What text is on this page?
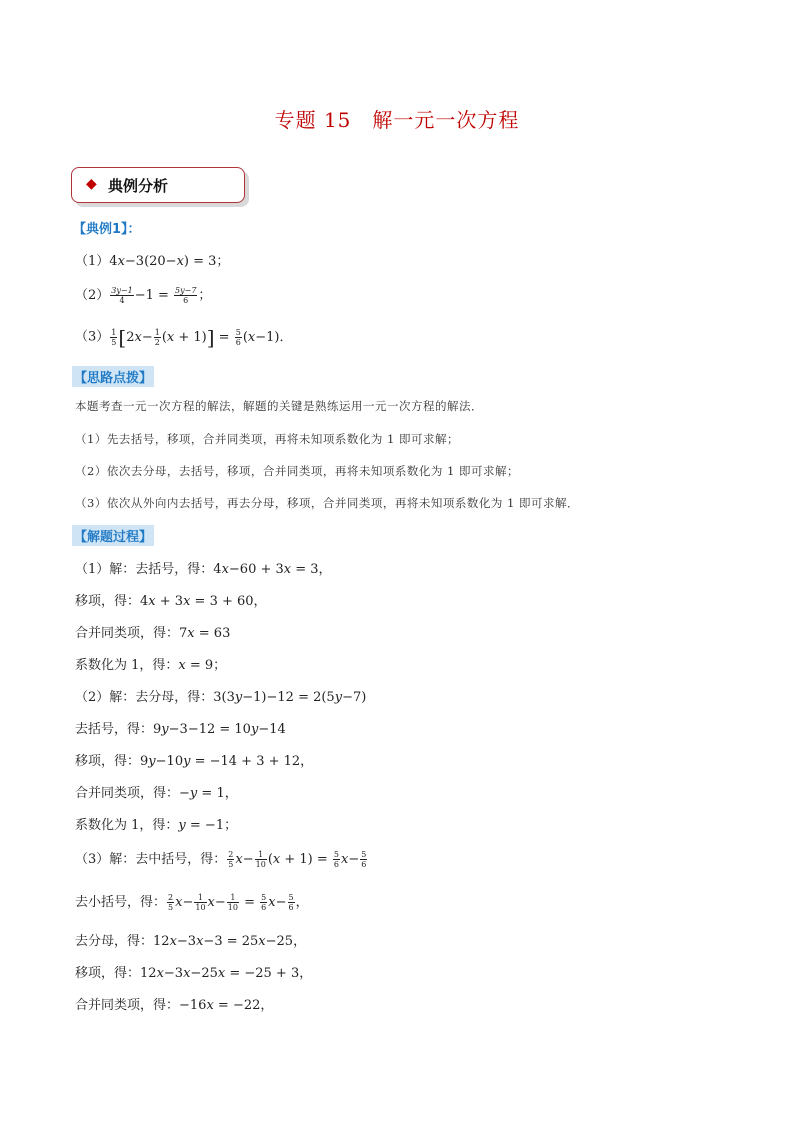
专题 15　解一元一次方程
◆ 典例分析
【典例1】：
（1）4x−3(20−x) = 3；
$(2) \frac{3y-1}{4} -1 = \frac{5y-7}{6}$ ；
$(3) \frac{1}{5} [2x- \frac{1}{2} (x + 1)] = \frac{5}{6} (x-1)$．
【思路点拨】
本题考查一元一次方程的解法，解题的关键是熟练运用一元一次方程的解法．
（1）先去括号，移项，合并同类项，再将未知项系数化为 1 即可求解；
（2）依次去分母，去括号，移项，合并同类项，再将未知项系数化为 1 即可求解；
（3）依次从外向内去括号，再去分母，移项，合并同类项，再将未知项系数化为 1 即可求解．
【解题过程】
（1）解：去括号，得：4x−60 + 3x = 3，
移项，得：4x + 3x = 3 + 60，
合并同类项，得：7x = 63
系数化为 1，得：x = 9；
（2）解：去分母，得：3(3y−1)−12 = 2(5y−7)
去括号，得：9y−3−12 = 10y−14
移项，得：9y−10y = −14 + 3 + 12，
合并同类项，得：−y = 1，
系数化为 1，得：y = −1；
（3）解：去中括号，得： $\frac{2}{5} x- \frac{1}{10} (x + 1) = \frac{5}{6} x- \frac{5}{6}$
去小括号，得： $\frac{2}{5} x- \frac{1}{10} x- \frac{1}{10} = \frac{5}{6} x- \frac{5}{6}$ ，
去分母，得：12x−3x−3 = 25x−25，
移项，得：12x−3x−25x = −25 + 3，
合并同类项，得：−16x = −22，
